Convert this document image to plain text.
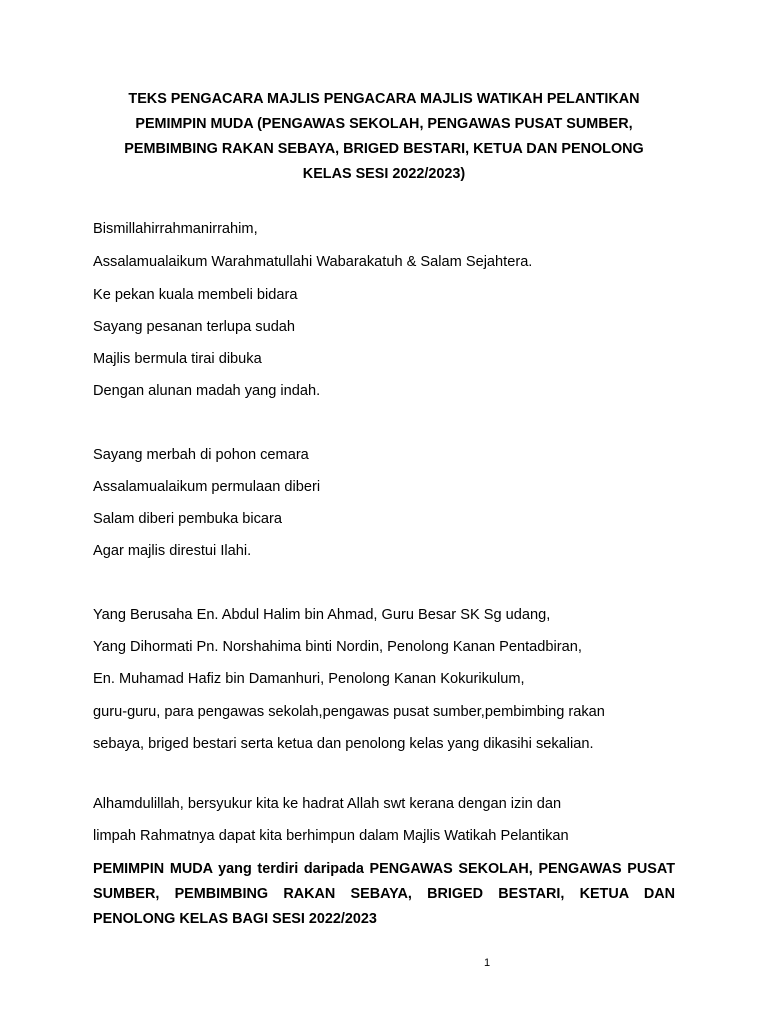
TEKS PENGACARA MAJLIS PENGACARA MAJLIS WATIKAH PELANTIKAN
PEMIMPIN MUDA (PENGAWAS SEKOLAH, PENGAWAS PUSAT SUMBER,
PEMBIMBING RAKAN SEBAYA, BRIGED BESTARI, KETUA DAN PENOLONG
KELAS SESI 2022/2023)
Bismillahirrahmanirrahim,
Assalamualaikum Warahmatullahi Wabarakatuh & Salam Sejahtera.
Ke pekan kuala membeli bidara
Sayang pesanan terlupa sudah
Majlis bermula tirai dibuka
Dengan alunan madah yang indah.
Sayang merbah di pohon cemara
Assalamualaikum permulaan diberi
Salam diberi pembuka bicara
Agar majlis direstui Ilahi.
Yang Berusaha En. Abdul Halim bin Ahmad, Guru Besar SK Sg udang,
Yang Dihormati Pn. Norshahima binti Nordin, Penolong Kanan Pentadbiran,
En. Muhamad Hafiz bin Damanhuri, Penolong Kanan Kokurikulum,
guru-guru, para pengawas sekolah,pengawas pusat sumber,pembimbing rakan
sebaya, briged bestari serta ketua dan penolong kelas yang dikasihi sekalian.
Alhamdulillah, bersyukur kita ke hadrat Allah swt kerana dengan izin dan
limpah Rahmatnya dapat kita berhimpun dalam Majlis Watikah Pelantikan
PEMIMPIN MUDA yang terdiri daripada PENGAWAS SEKOLAH, PENGAWAS PUSAT SUMBER, PEMBIMBING RAKAN SEBAYA, BRIGED BESTARI, KETUA DAN PENOLONG KELAS BAGI SESI 2022/2023
1
